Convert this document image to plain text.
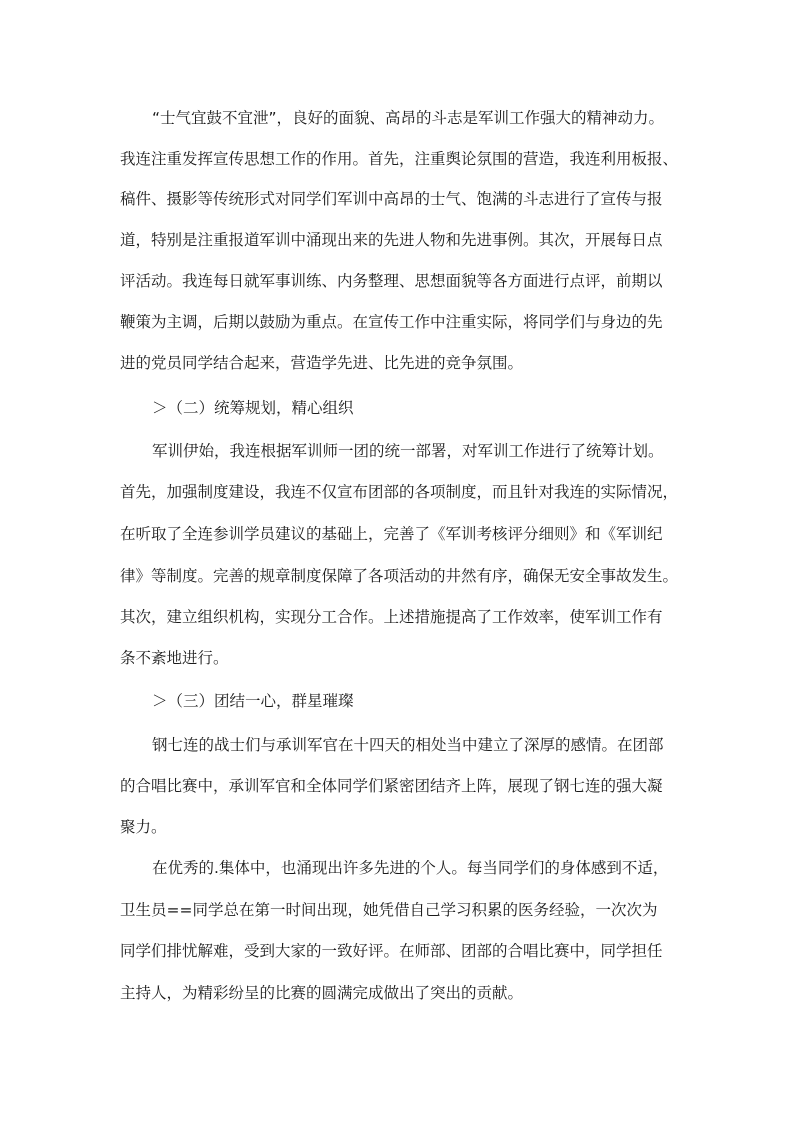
“士气宜鼓不宜泄”，良好的面貌、高昂的斗志是军训工作强大的精神动力。

我连注重发挥宣传思想工作的作用。首先，注重舆论氛围的营造，我连利用板报、

稿件、摄影等传统形式对同学们军训中高昂的士气、饱满的斗志进行了宣传与报

道，特别是注重报道军训中涌现出来的先进人物和先进事例。其次，开展每日点

评活动。我连每日就军事训练、内务整理、思想面貌等各方面进行点评，前期以

鞭策为主调，后期以鼓励为重点。在宣传工作中注重实际，将同学们与身边的先

进的党员同学结合起来，营造学先进、比先进的竞争氛围。

＞（二）统筹规划，精心组织

军训伊始，我连根据军训师一团的统一部署，对军训工作进行了统筹计划。

首先，加强制度建设，我连不仅宣布团部的各项制度，而且针对我连的实际情况，

在听取了全连参训学员建议的基础上，完善了《军训考核评分细则》和《军训纪

律》等制度。完善的规章制度保障了各项活动的井然有序，确保无安全事故发生。

其次，建立组织机构，实现分工合作。上述措施提高了工作效率，使军训工作有

条不紊地进行。

＞（三）团结一心，群星璀璨

钢七连的战士们与承训军官在十四天的相处当中建立了深厚的感情。在团部

的合唱比赛中，承训军官和全体同学们紧密团结齐上阵，展现了钢七连的强大凝

聚力。

在优秀的.集体中，也涌现出许多先进的个人。每当同学们的身体感到不适，

卫生员==同学总在第一时间出现，她凭借自己学习积累的医务经验，一次次为

同学们排忧解难，受到大家的一致好评。在师部、团部的合唱比赛中，同学担任

主持人，为精彩纷呈的比赛的圆满完成做出了突出的贡献。
